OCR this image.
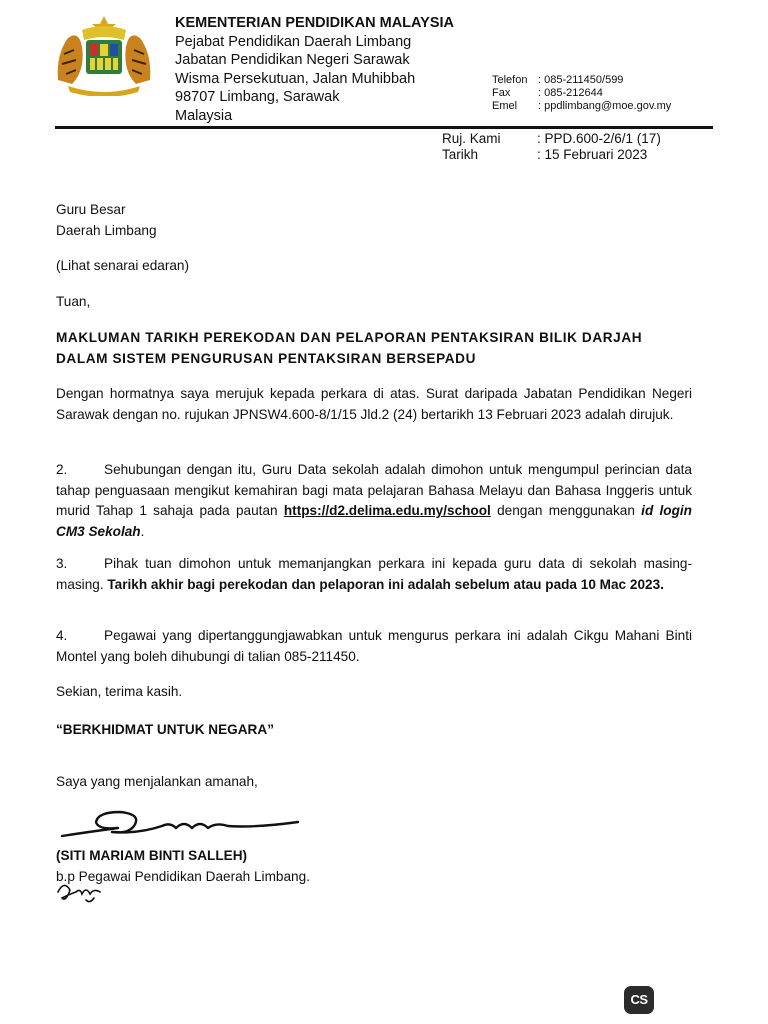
KEMENTERIAN PENDIDIKAN MALAYSIA
Pejabat Pendidikan Daerah Limbang
Jabatan Pendidikan Negeri Sarawak
Wisma Persekutuan, Jalan Muhibbah
98707 Limbang, Sarawak
Malaysia
Telefon : 085-211450/599
Fax	: 085-212644
Emel	: ppdlimbang@moe.gov.my
Ruj. Kami	: PPD.600-2/6/1 (17)
Tarikh	: 15 Februari 2023
Guru Besar
Daerah Limbang
(Lihat senarai edaran)
Tuan,
MAKLUMAN TARIKH PEREKODAN DAN PELAPORAN PENTAKSIRAN BILIK DARJAH
DALAM SISTEM PENGURUSAN PENTAKSIRAN BERSEPADU
Dengan hormatnya saya merujuk kepada perkara di atas. Surat daripada Jabatan Pendidikan Negeri Sarawak dengan no. rujukan JPNSW4.600-8/1/15 Jld.2 (24) bertarikh 13 Februari 2023 adalah dirujuk.
2.	Sehubungan dengan itu, Guru Data sekolah adalah dimohon untuk mengumpul perincian data tahap penguasaan mengikut kemahiran bagi mata pelajaran Bahasa Melayu dan Bahasa Inggeris untuk murid Tahap 1 sahaja pada pautan https://d2.delima.edu.my/school dengan menggunakan id login CM3 Sekolah.
3.	Pihak tuan dimohon untuk memanjangkan perkara ini kepada guru data di sekolah masing-masing. Tarikh akhir bagi perekodan dan pelaporan ini adalah sebelum atau pada 10 Mac 2023.
4.	Pegawai yang dipertanggungjawabkan untuk mengurus perkara ini adalah Cikgu Mahani Binti Montel yang boleh dihubungi di talian 085-211450.
Sekian, terima kasih.
“BERKHIDMAT UNTUK NEGARA”
Saya yang menjalankan amanah,
(SITI MARIAM BINTI SALLEH)
b.p Pegawai Pendidikan Daerah Limbang.
CS
